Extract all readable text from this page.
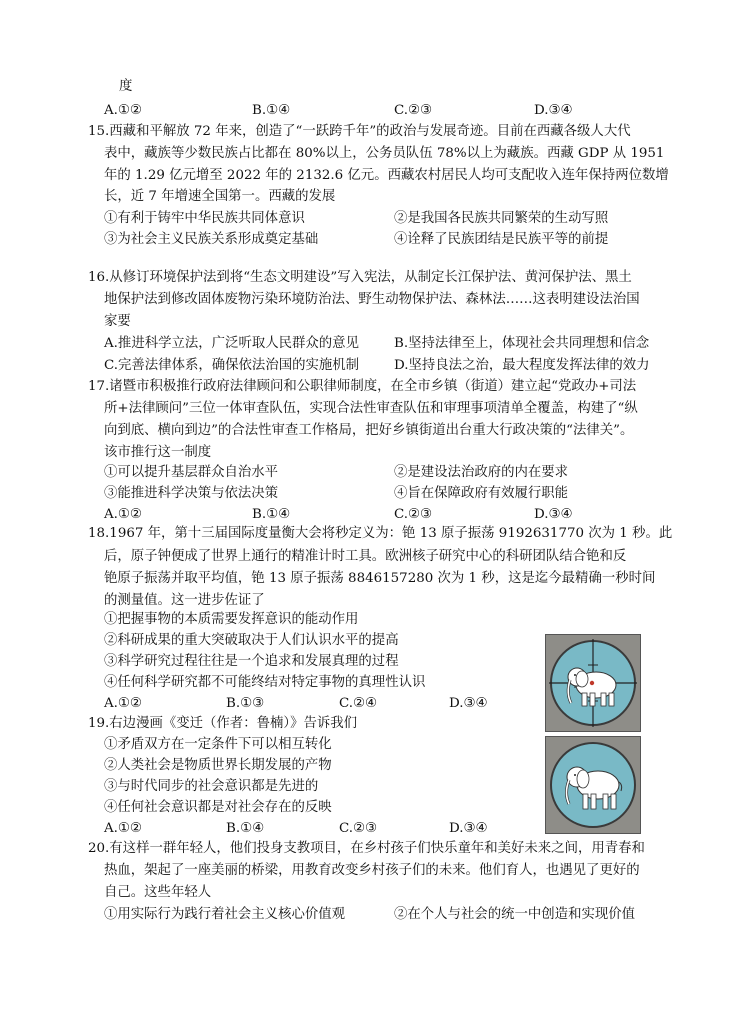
度
A.①②	B.①④	C.②③	D.③④
15.西藏和平解放 72 年来，创造了“一跃跨千年”的政治与发展奇迹。目前在西藏各级人大代
表中，藏族等少数民族占比都在 80%以上，公务员队伍 78%以上为藏族。西藏 GDP 从 1951
年的 1.29 亿元增至 2022 年的 2132.6 亿元。西藏农村居民人均可支配收入连年保持两位数增
长，近 7 年增速全国第一。西藏的发展
①有利于铸牢中华民族共同体意识	②是我国各民族共同繁荣的生动写照
③为社会主义民族关系形成奠定基础	④诠释了民族团结是民族平等的前提
16.从修订环境保护法到将“生态文明建设”写入宪法，从制定长江保护法、黄河保护法、黑土
地保护法到修改固体废物污染环境防治法、野生动物保护法、森林法……这表明建设法治国
家要
A.推进科学立法，广泛听取人民群众的意见	B.坚持法律至上，体现社会共同理想和信念
C.完善法律体系，确保依法治国的实施机制	D.坚持良法之治，最大程度发挥法律的效力
17.诸暨市积极推行政府法律顾问和公职律师制度，在全市乡镇（街道）建立起“党政办+司法
所+法律顾问”三位一体审查队伍，实现合法性审查队伍和审理事项清单全覆盖，构建了“纵
向到底、横向到边”的合法性审查工作格局，把好乡镇街道出台重大行政决策的“法律关”。
该市推行这一制度
①可以提升基层群众自治水平	②是建设法治政府的内在要求
③能推进科学决策与依法决策	④旨在保障政府有效履行职能
A.①②	B.①④	C.②③	D.③④
18.1967 年，第十三届国际度量衡大会将秒定义为：铯 13 原子振荡 9192631770 次为 1 秒。此
后，原子钟便成了世界上通行的精准计时工具。欧洲核子研究中心的科研团队结合铯和反
铯原子振荡并取平均值，铯 13 原子振荡 8846157280 次为 1 秒，这是迄今最精确一秒时间
的测量值。这一进步佐证了
①把握事物的本质需要发挥意识的能动作用
②科研成果的重大突破取决于人们认识水平的提高
③科学研究过程往往是一个追求和发展真理的过程
④任何科学研究都不可能终结对特定事物的真理性认识
A.①②	B.①③	C.②④	D.③④
19.右边漫画《变迁（作者：鲁楠）》告诉我们
①矛盾双方在一定条件下可以相互转化
②人类社会是物质世界长期发展的产物
③与时代同步的社会意识都是先进的
④任何社会意识都是对社会存在的反映
A.①②	B.①④	C.②③	D.③④
20.有这样一群年轻人，他们投身支教项目，在乡村孩子们快乐童年和美好未来之间，用青春和
热血，架起了一座美丽的桥梁，用教育改变乡村孩子们的未来。他们育人，也遇见了更好的
自己。这些年轻人
①用实际行为践行着社会主义核心价值观	②在个人与社会的统一中创造和实现价值
